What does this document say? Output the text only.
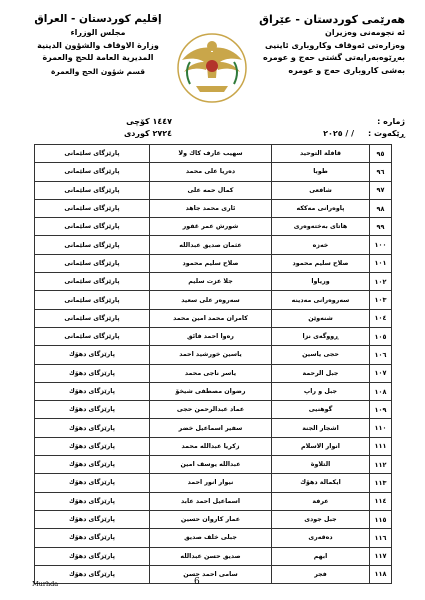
هەرێمی كوردستان - عێراق
ئە نجومەنی وەزیران
وەزارەتی ئەوقاف وكاروباری ئاینیی
بەڕێوەبەرایەتی گشتی حەج و عومرە
بەشی كاروباری حەج و عومرە
إقليم كوردستان - العراق
مجلس الوزراء
وزارة الاوقاف والشؤون الدينية
المديرية العامة للحج والعمرة
قسم شؤون الحج والعمرة
ژمارە :
ڕێكەوت :
/ / ٢٠٢٥
١٤٤٧ كۆچی
٢٧٢٤ كوردی
٩٥	قافلة التوحيد	سهيب عارف كاك ولا	پارێزگای سلێمانی
٩٦	طوبا	دەریا علی محمد	پارێزگای سلێمانی
٩٧	شافعی	كمال حمه علی	پارێزگای سلێمانی
٩٨	پاوەرانی مەككە	ئاری محمد جاهد	پارێزگای سلێمانی
٩٩	هاتای بەختەوەری	شورش عمر غفور	پارێزگای سلێمانی
١٠٠	خەزە	عثمان صدیق عبدالله	پارێزگای سلێمانی
١٠١	صلاح سليم محمود	صلاح سليم محمود	پارێزگای سلێمانی
١٠٢	وریاوا	جلا عزت سليم	پارێزگای سلێمانی
١٠٣	سەروەرانی مەدینە	سەروەر علی سعید	پارێزگای سلێمانی
١٠٤	شنەوێن	كامران محمد امين محمد	پارێزگای سلێمانی
١٠٥	ڕووگەی نزا	رەوا احمد فائق	پارێزگای سلێمانی
١٠٦	حجی یاسین	یاسین خورشید احمد	پارێزگای دهۆك
١٠٧	جبل الرحمة	یاسر ناجی محمد	پارێزگای دهۆك
١٠٨	جبل و راپ	رضوان مصطفى شيخۆ	پارێزگای دهۆك
١٠٩	گوهنيی	عماد عبدالرحمن حجى	پارێزگای دهۆك
١١٠	اشجار الجنة	سفیر اسماعیل خضر	پارێزگای دهۆك
١١١	انوار الاسلام	زكريا عبدالله محمد	پارێزگای دهۆك
١١٢	التلاوة	عبدالله یوسف امين	پارێزگای دهۆك
١١٣	ايكمالة دهۆك	نيوار انور احمد	پارێزگای دهۆك
١١٤	عرفة	اسماعیل احمد عابد	پارێزگای دهۆك
١١٥	جبل جودی	عمار كاروان حسين	پارێزگای دهۆك
١١٦	دەقەری	جبلی خلف صدیق	پارێزگای دهۆك
١١٧	ابهم	صدیق حسن عبدالله	پارێزگای دهۆك
١١٨	فجر	سامی احمد حسن	پارێزگای دهۆك
Murhda	6
